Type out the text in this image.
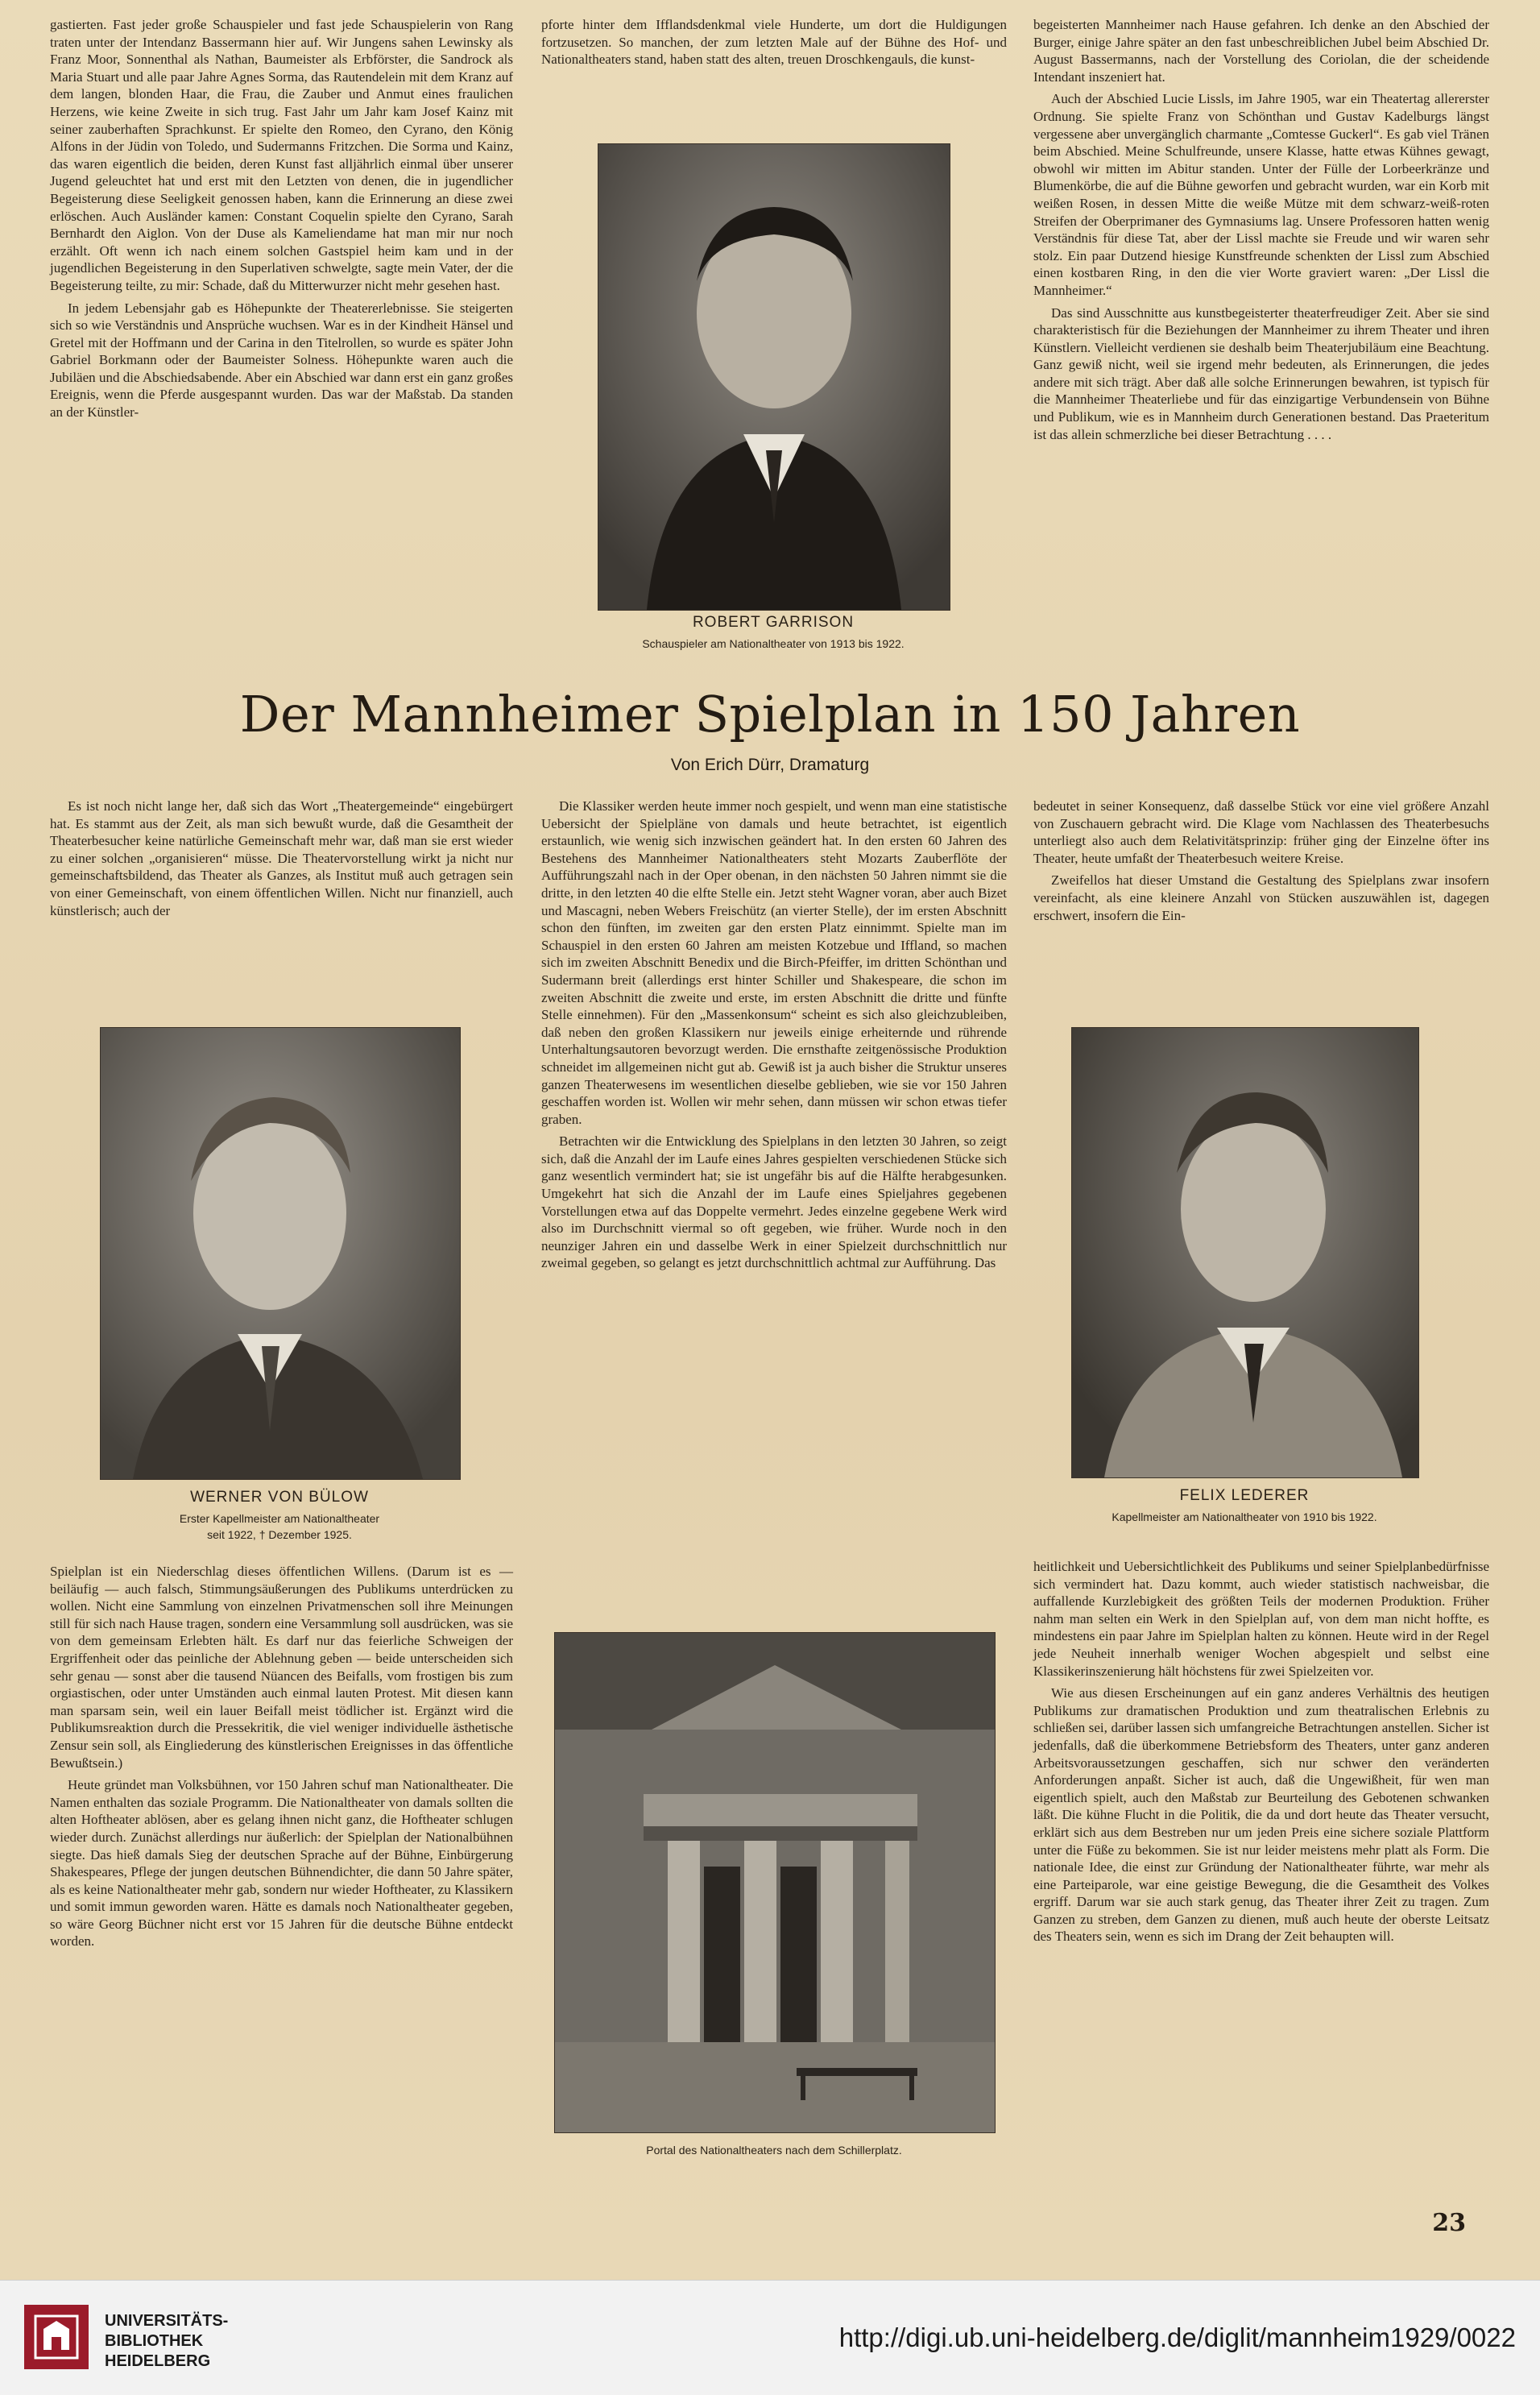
gastierten. Fast jeder große Schauspieler und fast jede Schauspielerin von Rang traten unter der Intendanz Bassermann hier auf. Wir Jungens sahen Lewinsky als Franz Moor, Sonnenthal als Nathan, Baumeister als Erbförster, die Sandrock als Maria Stuart und alle paar Jahre Agnes Sorma, das Rautendelein mit dem Kranz auf dem langen, blonden Haar, die Frau, die Zauber und Anmut eines fraulichen Herzens, wie keine Zweite in sich trug. Fast Jahr um Jahr kam Josef Kainz mit seiner zauberhaften Sprachkunst. Er spielte den Romeo, den Cyrano, den König Alfons in der Jüdin von Toledo, und Sudermanns Fritzchen. Die Sorma und Kainz, das waren eigentlich die beiden, deren Kunst fast alljährlich einmal über unserer Jugend geleuchtet hat und erst mit den Letzten von denen, die in jugendlicher Begeisterung diese Seeligkeit genossen haben, kann die Erinnerung an diese zwei erlöschen. Auch Ausländer kamen: Constant Coquelin spielte den Cyrano, Sarah Bernhardt den Aiglon. Von der Duse als Kameliendame hat man mir nur noch erzählt. Oft wenn ich nach einem solchen Gastspiel heim kam und in der jugendlichen Begeisterung in den Superlativen schwelgte, sagte mein Vater, der die Begeisterung teilte, zu mir: Schade, daß du Mitterwurzer nicht mehr gesehen hast.

In jedem Lebensjahr gab es Höhepunkte der Theatererlebnisse. Sie steigerten sich so wie Verständnis und Ansprüche wuchsen. War es in der Kindheit Hänsel und Gretel mit der Hoffmann und der Carina in den Titelrollen, so wurde es später John Gabriel Borkmann oder der Baumeister Solness. Höhepunkte waren auch die Jubiläen und die Abschiedsabende. Aber ein Abschied war dann erst ein ganz großes Ereignis, wenn die Pferde ausgespannt wurden. Das war der Maßstab. Da standen an der Künstler-

pforte hinter dem Ifflandsdenkmal viele Hunderte, um dort die Huldigungen fortzusetzen. So manchen, der zum letzten Male auf der Bühne des Hof- und Nationaltheaters stand, haben statt des alten, treuen Droschkengauls, die kunst-

ROBERT GARRISON
Schauspieler am Nationaltheater von 1913 bis 1922.

begeisterten Mannheimer nach Hause gefahren. Ich denke an den Abschied der Burger, einige Jahre später an den fast unbeschreiblichen Jubel beim Abschied Dr. August Bassermanns, nach der Vorstellung des Coriolan, die der scheidende Intendant inszeniert hat.

Auch der Abschied Lucie Lissls, im Jahre 1905, war ein Theatertag allererster Ordnung. Sie spielte Franz von Schönthan und Gustav Kadelburgs längst vergessene aber unvergänglich charmante „Comtesse Guckerl“. Es gab viel Tränen beim Abschied. Meine Schulfreunde, unsere Klasse, hatte etwas Kühnes gewagt, obwohl wir mitten im Abitur standen. Unter der Fülle der Lorbeerkränze und Blumenkörbe, die auf die Bühne geworfen und gebracht wurden, war ein Korb mit weißen Rosen, in dessen Mitte die weiße Mütze mit dem schwarz-weiß-roten Streifen der Oberprimaner des Gymnasiums lag. Unsere Professoren hatten wenig Verständnis für diese Tat, aber der Lissl machte sie Freude und wir waren sehr stolz. Ein paar Dutzend hiesige Kunstfreunde schenkten der Lissl zum Abschied einen kostbaren Ring, in den die vier Worte graviert waren: „Der Lissl die Mannheimer.“

Das sind Ausschnitte aus kunstbegeisterter theaterfreudiger Zeit. Aber sie sind charakteristisch für die Beziehungen der Mannheimer zu ihrem Theater und ihren Künstlern. Vielleicht verdienen sie deshalb beim Theaterjubiläum eine Beachtung. Ganz gewiß nicht, weil sie irgend mehr bedeuten, als Erinnerungen, die jedes andere mit sich trägt. Aber daß alle solche Erinnerungen bewahren, ist typisch für die Mannheimer Theaterliebe und für das einzigartige Verbundensein von Bühne und Publikum, wie es in Mannheim durch Generationen bestand. Das Praeteritum ist das allein schmerzliche bei dieser Betrachtung . . . .

Der Mannheimer Spielplan in 150 Jahren
Von Erich Dürr, Dramaturg

Es ist noch nicht lange her, daß sich das Wort „Theatergemeinde“ eingebürgert hat. Es stammt aus der Zeit, als man sich bewußt wurde, daß die Gesamtheit der Theaterbesucher keine natürliche Gemeinschaft mehr war, daß man sie erst wieder zu einer solchen „organisieren“ müsse. Die Theatervorstellung wirkt ja nicht nur gemeinschaftsbildend, das Theater als Ganzes, als Institut muß auch getragen sein von einer Gemeinschaft, von einem öffentlichen Willen. Nicht nur finanziell, auch künstlerisch; auch der

WERNER VON BÜLOW
Erster Kapellmeister am Nationaltheater
seit 1922, † Dezember 1925.

Spielplan ist ein Niederschlag dieses öffentlichen Willens. (Darum ist es — beiläufig — auch falsch, Stimmungsäußerungen des Publikums unterdrücken zu wollen. Nicht eine Sammlung von einzelnen Privatmenschen soll ihre Meinungen still für sich nach Hause tragen, sondern eine Versammlung soll ausdrücken, was sie von dem gemeinsam Erlebten hält. Es darf nur das feierliche Schweigen der Ergriffenheit oder das peinliche der Ablehnung geben — beide unterscheiden sich sehr genau — sonst aber die tausend Nüancen des Beifalls, vom frostigen bis zum orgiastischen, oder unter Umständen auch einmal lauten Protest. Mit diesen kann man sparsam sein, weil ein lauer Beifall meist tödlicher ist. Ergänzt wird die Publikumsreaktion durch die Pressekritik, die viel weniger individuelle ästhetische Zensur sein soll, als Eingliederung des künstlerischen Ereignisses in das öffentliche Bewußtsein.)

Heute gründet man Volksbühnen, vor 150 Jahren schuf man Nationaltheater. Die Namen enthalten das soziale Programm. Die Nationaltheater von damals sollten die alten Hoftheater ablösen, aber es gelang ihnen nicht ganz, die Hoftheater schlugen wieder durch. Zunächst allerdings nur äußerlich: der Spielplan der Nationalbühnen siegte. Das hieß damals Sieg der deutschen Sprache auf der Bühne, Einbürgerung Shakespeares, Pflege der jungen deutschen Bühnendichter, die dann 50 Jahre später, als es keine Nationaltheater mehr gab, sondern nur wieder Hoftheater, zu Klassikern und somit immun geworden waren. Hätte es damals noch Nationaltheater gegeben, so wäre Georg Büchner nicht erst vor 15 Jahren für die deutsche Bühne entdeckt worden.

Die Klassiker werden heute immer noch gespielt, und wenn man eine statistische Uebersicht der Spielpläne von damals und heute betrachtet, ist eigentlich erstaunlich, wie wenig sich inzwischen geändert hat. In den ersten 60 Jahren des Bestehens des Mannheimer Nationaltheaters steht Mozarts Zauberflöte der Aufführungszahl nach in der Oper obenan, in den nächsten 50 Jahren nimmt sie die dritte, in den letzten 40 die elfte Stelle ein. Jetzt steht Wagner voran, aber auch Bizet und Mascagni, neben Webers Freischütz (an vierter Stelle), der im ersten Abschnitt schon den fünften, im zweiten gar den ersten Platz einnimmt. Spielte man im Schauspiel in den ersten 60 Jahren am meisten Kotzebue und Iffland, so machen sich im zweiten Abschnitt Benedix und die Birch-Pfeiffer, im dritten Schönthan und Sudermann breit (allerdings erst hinter Schiller und Shakespeare, die schon im zweiten Abschnitt die zweite und erste, im ersten Abschnitt die dritte und fünfte Stelle einnehmen). Für den „Massenkonsum“ scheint es sich also gleichzubleiben, daß neben den großen Klassikern nur jeweils einige erheiternde und rührende Unterhaltungsautoren bevorzugt werden. Die ernsthafte zeitgenössische Produktion schneidet im allgemeinen nicht gut ab. Gewiß ist ja auch bisher die Struktur unseres ganzen Theaterwesens im wesentlichen dieselbe geblieben, wie sie vor 150 Jahren geschaffen worden ist. Wollen wir mehr sehen, dann müssen wir schon etwas tiefer graben.

Betrachten wir die Entwicklung des Spielplans in den letzten 30 Jahren, so zeigt sich, daß die Anzahl der im Laufe eines Jahres gespielten verschiedenen Stücke sich ganz wesentlich vermindert hat; sie ist ungefähr bis auf die Hälfte herabgesunken. Umgekehrt hat sich die Anzahl der im Laufe eines Spieljahres gegebenen Vorstellungen etwa auf das Doppelte vermehrt. Jedes einzelne gegebene Werk wird also im Durchschnitt viermal so oft gegeben, wie früher. Wurde noch in den neunziger Jahren ein und dasselbe Werk in einer Spielzeit durchschnittlich nur zweimal gegeben, so gelangt es jetzt durchschnittlich achtmal zur Aufführung. Das

Portal des Nationaltheaters nach dem Schillerplatz.

bedeutet in seiner Konsequenz, daß dasselbe Stück vor eine viel größere Anzahl von Zuschauern gebracht wird. Die Klage vom Nachlassen des Theaterbesuchs unterliegt also auch dem Relativitätsprinzip: früher ging der Einzelne öfter ins Theater, heute umfaßt der Theaterbesuch weitere Kreise.

Zweifellos hat dieser Umstand die Gestaltung des Spielplans zwar insofern vereinfacht, als eine kleinere Anzahl von Stücken auszuwählen ist, dagegen erschwert, insofern die Ein-

FELIX LEDERER
Kapellmeister am Nationaltheater von 1910 bis 1922.

heitlichkeit und Uebersichtlichkeit des Publikums und seiner Spielplanbedürfnisse sich vermindert hat. Dazu kommt, auch wieder statistisch nachweisbar, die auffallende Kurzlebigkeit des größten Teils der modernen Produktion. Früher nahm man selten ein Werk in den Spielplan auf, von dem man nicht hoffte, es mindestens ein paar Jahre im Spielplan halten zu können. Heute wird in der Regel jede Neuheit innerhalb weniger Wochen abgespielt und selbst eine Klassikerinszenierung hält höchstens für zwei Spielzeiten vor.

Wie aus diesen Erscheinungen auf ein ganz anderes Verhältnis des heutigen Publikums zur dramatischen Produktion und zum theatralischen Erlebnis zu schließen sei, darüber lassen sich umfangreiche Betrachtungen anstellen. Sicher ist jedenfalls, daß die überkommene Betriebsform des Theaters, unter ganz anderen Arbeitsvoraussetzungen geschaffen, sich nur schwer den veränderten Anforderungen anpaßt. Sicher ist auch, daß die Ungewißheit, für wen man eigentlich spielt, auch den Maßstab zur Beurteilung des Gebotenen schwanken läßt. Die kühne Flucht in die Politik, die da und dort heute das Theater versucht, erklärt sich aus dem Bestreben nur um jeden Preis eine sichere soziale Plattform unter die Füße zu bekommen. Sie ist nur leider meistens mehr platt als Form. Die nationale Idee, die einst zur Gründung der Nationaltheater führte, war mehr als eine Parteiparole, war eine geistige Bewegung, die die Gesamtheit des Volkes ergriff. Darum war sie auch stark genug, das Theater ihrer Zeit zu tragen. Zum Ganzen zu streben, dem Ganzen zu dienen, muß auch heute der oberste Leitsatz des Theaters sein, wenn es sich im Drang der Zeit behaupten will.

23
UNIVERSITÄTS-
BIBLIOTHEK
HEIDELBERG
http://digi.ub.uni-heidelberg.de/diglit/mannheim1929/0022
